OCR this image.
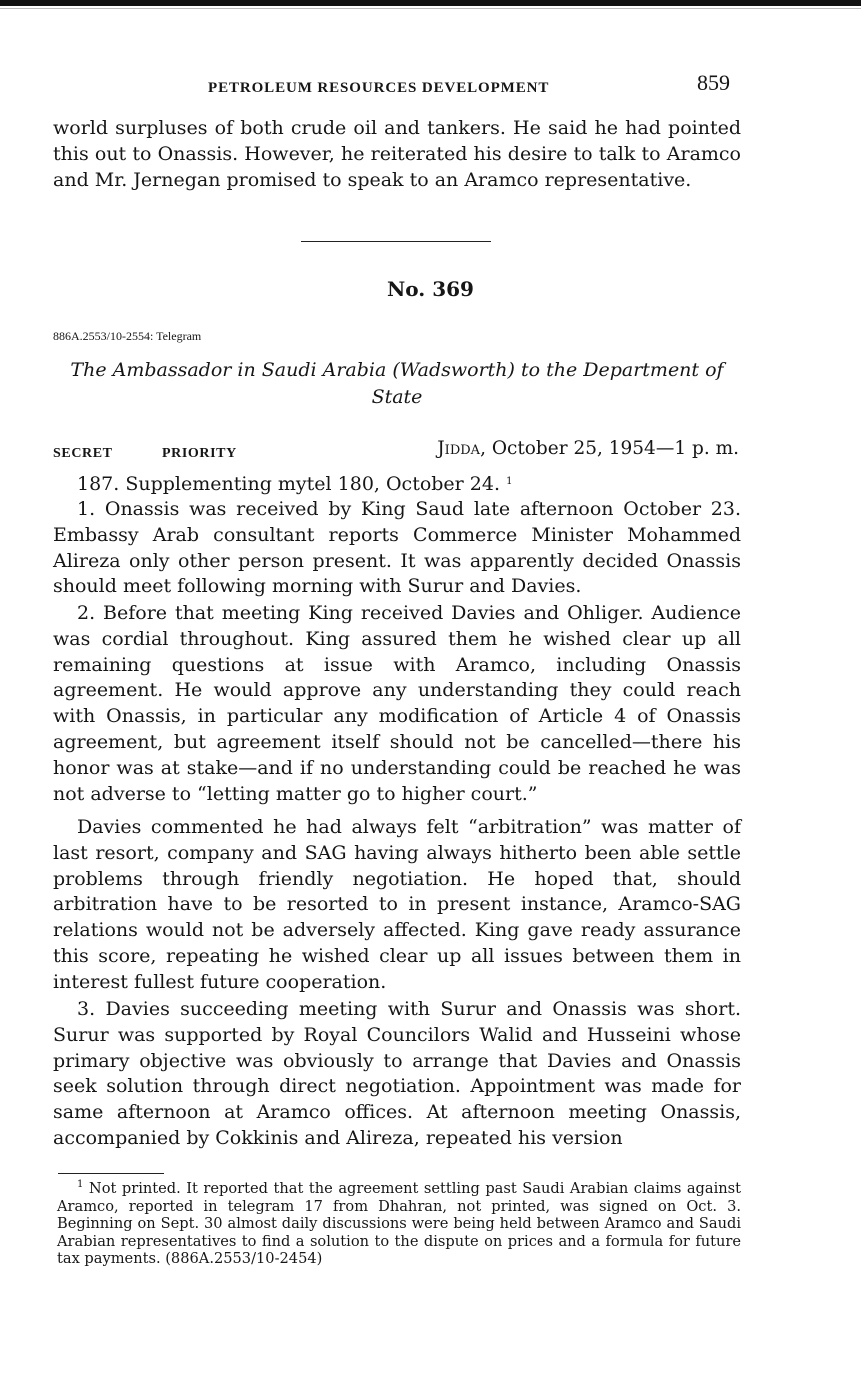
PETROLEUM RESOURCES DEVELOPMENT	859

world surpluses of both crude oil and tankers. He said he had pointed this out to Onassis. However, he reiterated his desire to talk to Aramco and Mr. Jernegan promised to speak to an Aramco representative.

No. 369
886A.2553/10-2554: Telegram
The Ambassador in Saudi Arabia (Wadsworth) to the Department of State
SECRET	PRIORITY	Jidda, October 25, 1954—1 p. m.

187. Supplementing mytel 180, October 24. $^1$

1. Onassis was received by King Saud late afternoon October 23. Embassy Arab consultant reports Commerce Minister Mohammed Alireza only other person present. It was apparently decided Onassis should meet following morning with Surur and Davies.

2. Before that meeting King received Davies and Ohliger. Audience was cordial throughout. King assured them he wished clear up all remaining questions at issue with Aramco, including Onassis agreement. He would approve any understanding they could reach with Onassis, in particular any modification of Article 4 of Onassis agreement, but agreement itself should not be cancelled—there his honor was at stake—and if no understanding could be reached he was not adverse to “letting matter go to higher court.”

Davies commented he had always felt “arbitration” was matter of last resort, company and SAG having always hitherto been able settle problems through friendly negotiation. He hoped that, should arbitration have to be resorted to in present instance, Aramco-SAG relations would not be adversely affected. King gave ready assurance this score, repeating he wished clear up all issues between them in interest fullest future cooperation.

3. Davies succeeding meeting with Surur and Onassis was short. Surur was supported by Royal Councilors Walid and Husseini whose primary objective was obviously to arrange that Davies and Onassis seek solution through direct negotiation. Appointment was made for same afternoon at Aramco offices. At afternoon meeting Onassis, accompanied by Cokkinis and Alireza, repeated his version

$^1$ Not printed. It reported that the agreement settling past Saudi Arabian claims against Aramco, reported in telegram 17 from Dhahran, not printed, was signed on Oct. 3. Beginning on Sept. 30 almost daily discussions were being held between Aramco and Saudi Arabian representatives to find a solution to the dispute on prices and a formula for future tax payments. (886A.2553/10-2454)
